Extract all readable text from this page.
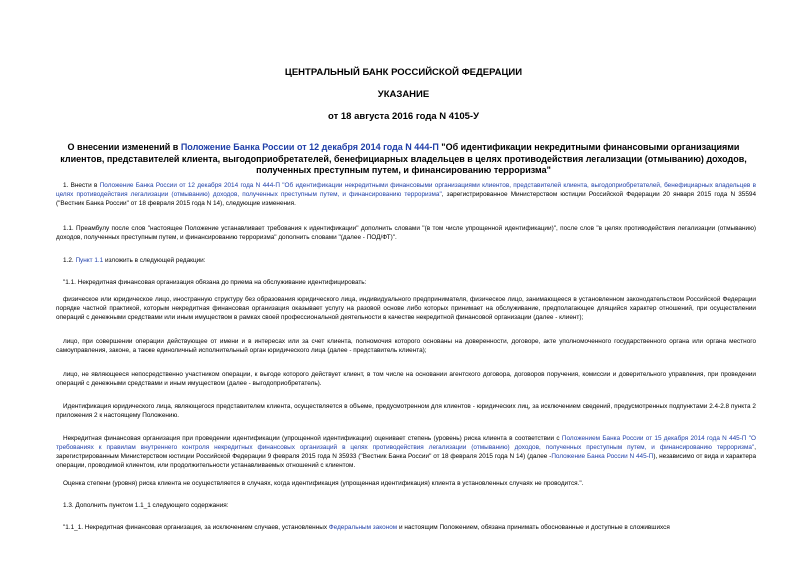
ЦЕНТРАЛЬНЫЙ БАНК РОССИЙСКОЙ ФЕДЕРАЦИИ
УКАЗАНИЕ
от 18 августа 2016 года N 4105-У
О внесении изменений в Положение Банка России от 12 декабря 2014 года N 444-П "Об идентификации некредитными финансовыми организациями клиентов, представителей клиента, выгодоприобретателей, бенефициарных владельцев в целях противодействия легализации (отмыванию) доходов, полученных преступным путем, и финансированию терроризма"
1. Внести в Положение Банка России от 12 декабря 2014 года N 444-П "Об идентификации некредитными финансовыми организациями клиентов, представителей клиента, выгодоприобретателей, бенефициарных владельцев в целях противодействия легализации (отмыванию) доходов, полученных преступным путем, и финансированию терроризма", зарегистрированное Министерством юстиции Российской Федерации 20 января 2015 года N 35594 ("Вестник Банка России" от 18 февраля 2015 года N 14), следующие изменения.
1.1. Преамбулу после слов "настоящее Положение устанавливает требования к идентификации" дополнить словами "(в том числе упрощенной идентификации)", после слов "в целях противодействия легализации (отмыванию) доходов, полученных преступным путем, и финансированию терроризма" дополнить словами "(далее - ПОД/ФТ)".
1.2. Пункт 1.1 изложить в следующей редакции:
"1.1. Некредитная финансовая организация обязана до приема на обслуживание идентифицировать:
физическое или юридическое лицо, иностранную структуру без образования юридического лица, индивидуального предпринимателя, физическое лицо, занимающееся в установленном законодательством Российской Федерации порядке частной практикой, которым некредитная финансовая организация оказывает услугу на разовой основе либо которых принимает на обслуживание, предполагающее длящийся характер отношений, при осуществлении операций с денежными средствами или иным имуществом в рамках своей профессиональной деятельности в качестве некредитной финансовой организации (далее - клиент);
лицо, при совершении операции действующее от имени и в интересах или за счет клиента, полномочия которого основаны на доверенности, договоре, акте уполномоченного государственного органа или органа местного самоуправления, законе, а также единоличный исполнительный орган юридического лица (далее - представитель клиента);
лицо, не являющееся непосредственно участником операции, к выгоде которого действует клиент, в том числе на основании агентского договора, договоров поручения, комиссии и доверительного управления, при проведении операций с денежными средствами и иным имуществом (далее - выгодоприобретатель).
Идентификация юридического лица, являющегося представителем клиента, осуществляется в объеме, предусмотренном для клиентов - юридических лиц, за исключением сведений, предусмотренных подпунктами 2.4-2.8 пункта 2 приложения 2 к настоящему Положению.
Некредитная финансовая организация при проведении идентификации (упрощенной идентификации) оценивает степень (уровень) риска клиента в соответствии с Положением Банка России от 15 декабря 2014 года N 445-П "О требованиях к правилам внутреннего контроля некредитных финансовых организаций в целях противодействия легализации (отмыванию) доходов, полученных преступным путем, и финансированию терроризма", зарегистрированным Министерством юстиции Российской Федерации 9 февраля 2015 года N 35933 ("Вестник Банка России" от 18 февраля 2015 года N 14) (далее -Положение Банка России N 445-П), независимо от вида и характера операции, проводимой клиентом, или продолжительности устанавливаемых отношений с клиентом.
Оценка степени (уровня) риска клиента не осуществляется в случаях, когда идентификация (упрощенная идентификация) клиента в установленных случаях не проводится.".
1.3. Дополнить пунктом 1.1_1 следующего содержания:
"1.1_1. Некредитная финансовая организация, за исключением случаев, установленных Федеральным законом и настоящим Положением, обязана принимать обоснованные и доступные в сложившихся
